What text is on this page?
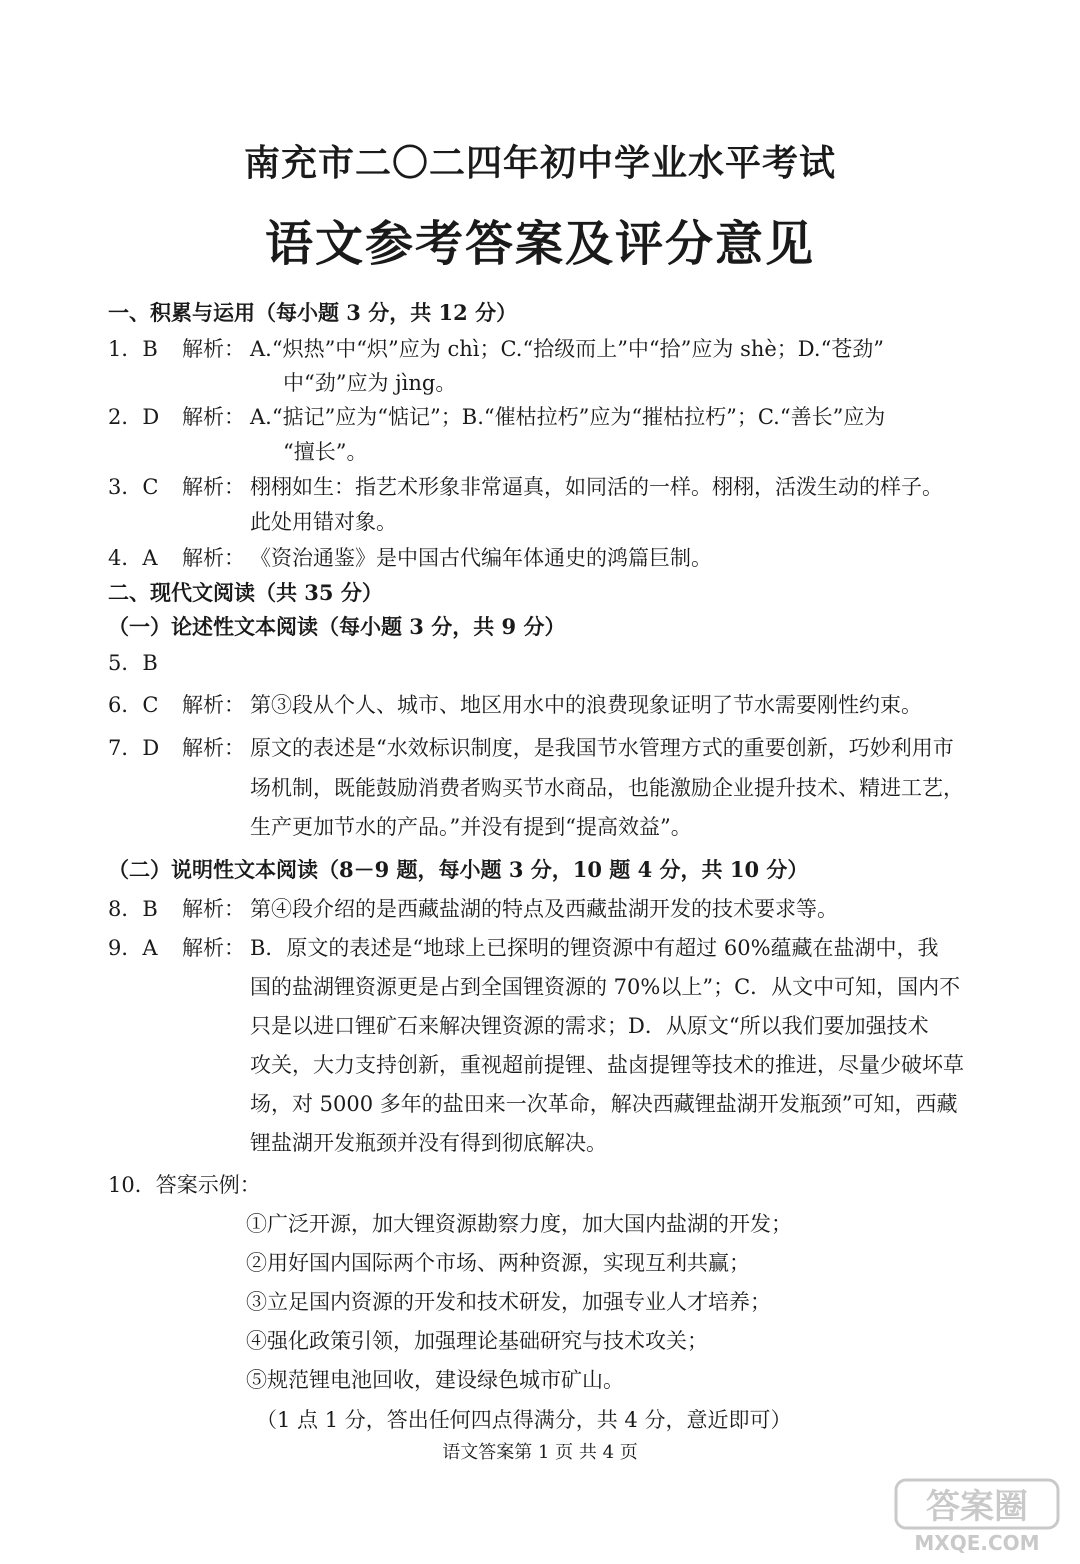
南充市二〇二四年初中学业水平考试
语文参考答案及评分意见
一、积累与运用（每小题 3 分，共 12 分）
1．B 解析： A.“炽热”中“炽”应为 chì；C.“拾级而上”中“拾”应为 shè；D.“苍劲”
中“劲”应为 jìng。
2．D 解析： A.“掂记”应为“惦记”；B.“催枯拉朽”应为“摧枯拉朽”；C.“善长”应为
“擅长”。
3．C 解析： 栩栩如生：指艺术形象非常逼真，如同活的一样。栩栩，活泼生动的样子。
此处用错对象。
4．A 解析： 《资治通鉴》是中国古代编年体通史的鸿篇巨制。
二、现代文阅读（共 35 分）
（一）论述性文本阅读（每小题 3 分，共 9 分）
5．B
6．C 解析： 第③段从个人、城市、地区用水中的浪费现象证明了节水需要刚性约束。
7．D 解析： 原文的表述是“水效标识制度，是我国节水管理方式的重要创新，巧妙利用市
场机制，既能鼓励消费者购买节水商品，也能激励企业提升技术、精进工艺，
生产更加节水的产品。”并没有提到“提高效益”。
（二）说明性文本阅读（8－9 题，每小题 3 分，10 题 4 分，共 10 分）
8．B 解析： 第④段介绍的是西藏盐湖的特点及西藏盐湖开发的技术要求等。
9．A 解析： B．原文的表述是“地球上已探明的锂资源中有超过 60%蕴藏在盐湖中，我
国的盐湖锂资源更是占到全国锂资源的 70%以上”；C．从文中可知，国内不
只是以进口锂矿石来解决锂资源的需求；D．从原文“所以我们要加强技术
攻关，大力支持创新，重视超前提锂、盐卤提锂等技术的推进，尽量少破坏草
场，对 5000 多年的盐田来一次革命，解决西藏锂盐湖开发瓶颈”可知，西藏
锂盐湖开发瓶颈并没有得到彻底解决。
10．答案示例：
①广泛开源，加大锂资源勘察力度，加大国内盐湖的开发；
②用好国内国际两个市场、两种资源，实现互利共赢；
③立足国内资源的开发和技术研发，加强专业人才培养；
④强化政策引领，加强理论基础研究与技术攻关；
⑤规范锂电池回收，建设绿色城市矿山。
（1 点 1 分，答出任何四点得满分，共 4 分，意近即可）
语文答案第 1 页 共 4 页
答案圈
MXQE.COM
